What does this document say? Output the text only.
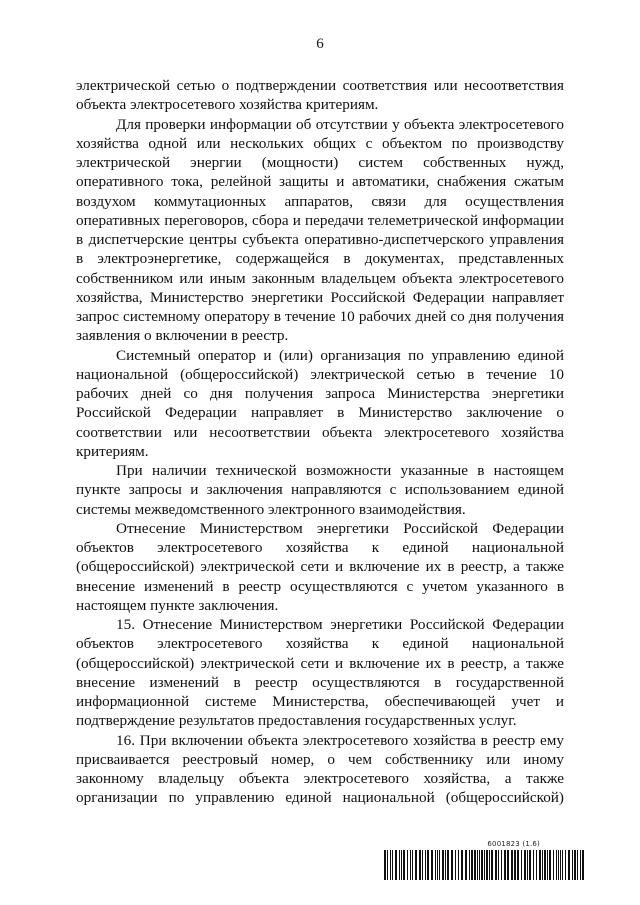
6

электрической сетью о подтверждении соответствия или несоответствия объекта электросетевого хозяйства критериям.

Для проверки информации об отсутствии у объекта электросетевого хозяйства одной или нескольких общих с объектом по производству электрической энергии (мощности) систем собственных нужд, оперативного тока, релейной защиты и автоматики, снабжения сжатым воздухом коммутационных аппаратов, связи для осуществления оперативных переговоров, сбора и передачи телеметрической информации в диспетчерские центры субъекта оперативно-диспетчерского управления в электроэнергетике, содержащейся в документах, представленных собственником или иным законным владельцем объекта электросетевого хозяйства, Министерство энергетики Российской Федерации направляет запрос системному оператору в течение 10 рабочих дней со дня получения заявления о включении в реестр.

Системный оператор и (или) организация по управлению единой национальной (общероссийской) электрической сетью в течение 10 рабочих дней со дня получения запроса Министерства энергетики Российской Федерации направляет в Министерство заключение о соответствии или несоответствии объекта электросетевого хозяйства критериям.

При наличии технической возможности указанные в настоящем пункте запросы и заключения направляются с использованием единой системы межведомственного электронного взаимодействия.

Отнесение Министерством энергетики Российской Федерации объектов электросетевого хозяйства к единой национальной (общероссийской) электрической сети и включение их в реестр, а также внесение изменений в реестр осуществляются с учетом указанного в настоящем пункте заключения.

15. Отнесение Министерством энергетики Российской Федерации объектов электросетевого хозяйства к единой национальной (общероссийской) электрической сети и включение их в реестр, а также внесение изменений в реестр осуществляются в государственной информационной системе Министерства, обеспечивающей учет и подтверждение результатов предоставления государственных услуг.

16. При включении объекта электросетевого хозяйства в реестр ему присваивается реестровый номер, о чем собственнику или иному законному владельцу объекта электросетевого хозяйства, а также организации по управлению единой национальной (общероссийской)

6001823 (1.6)
